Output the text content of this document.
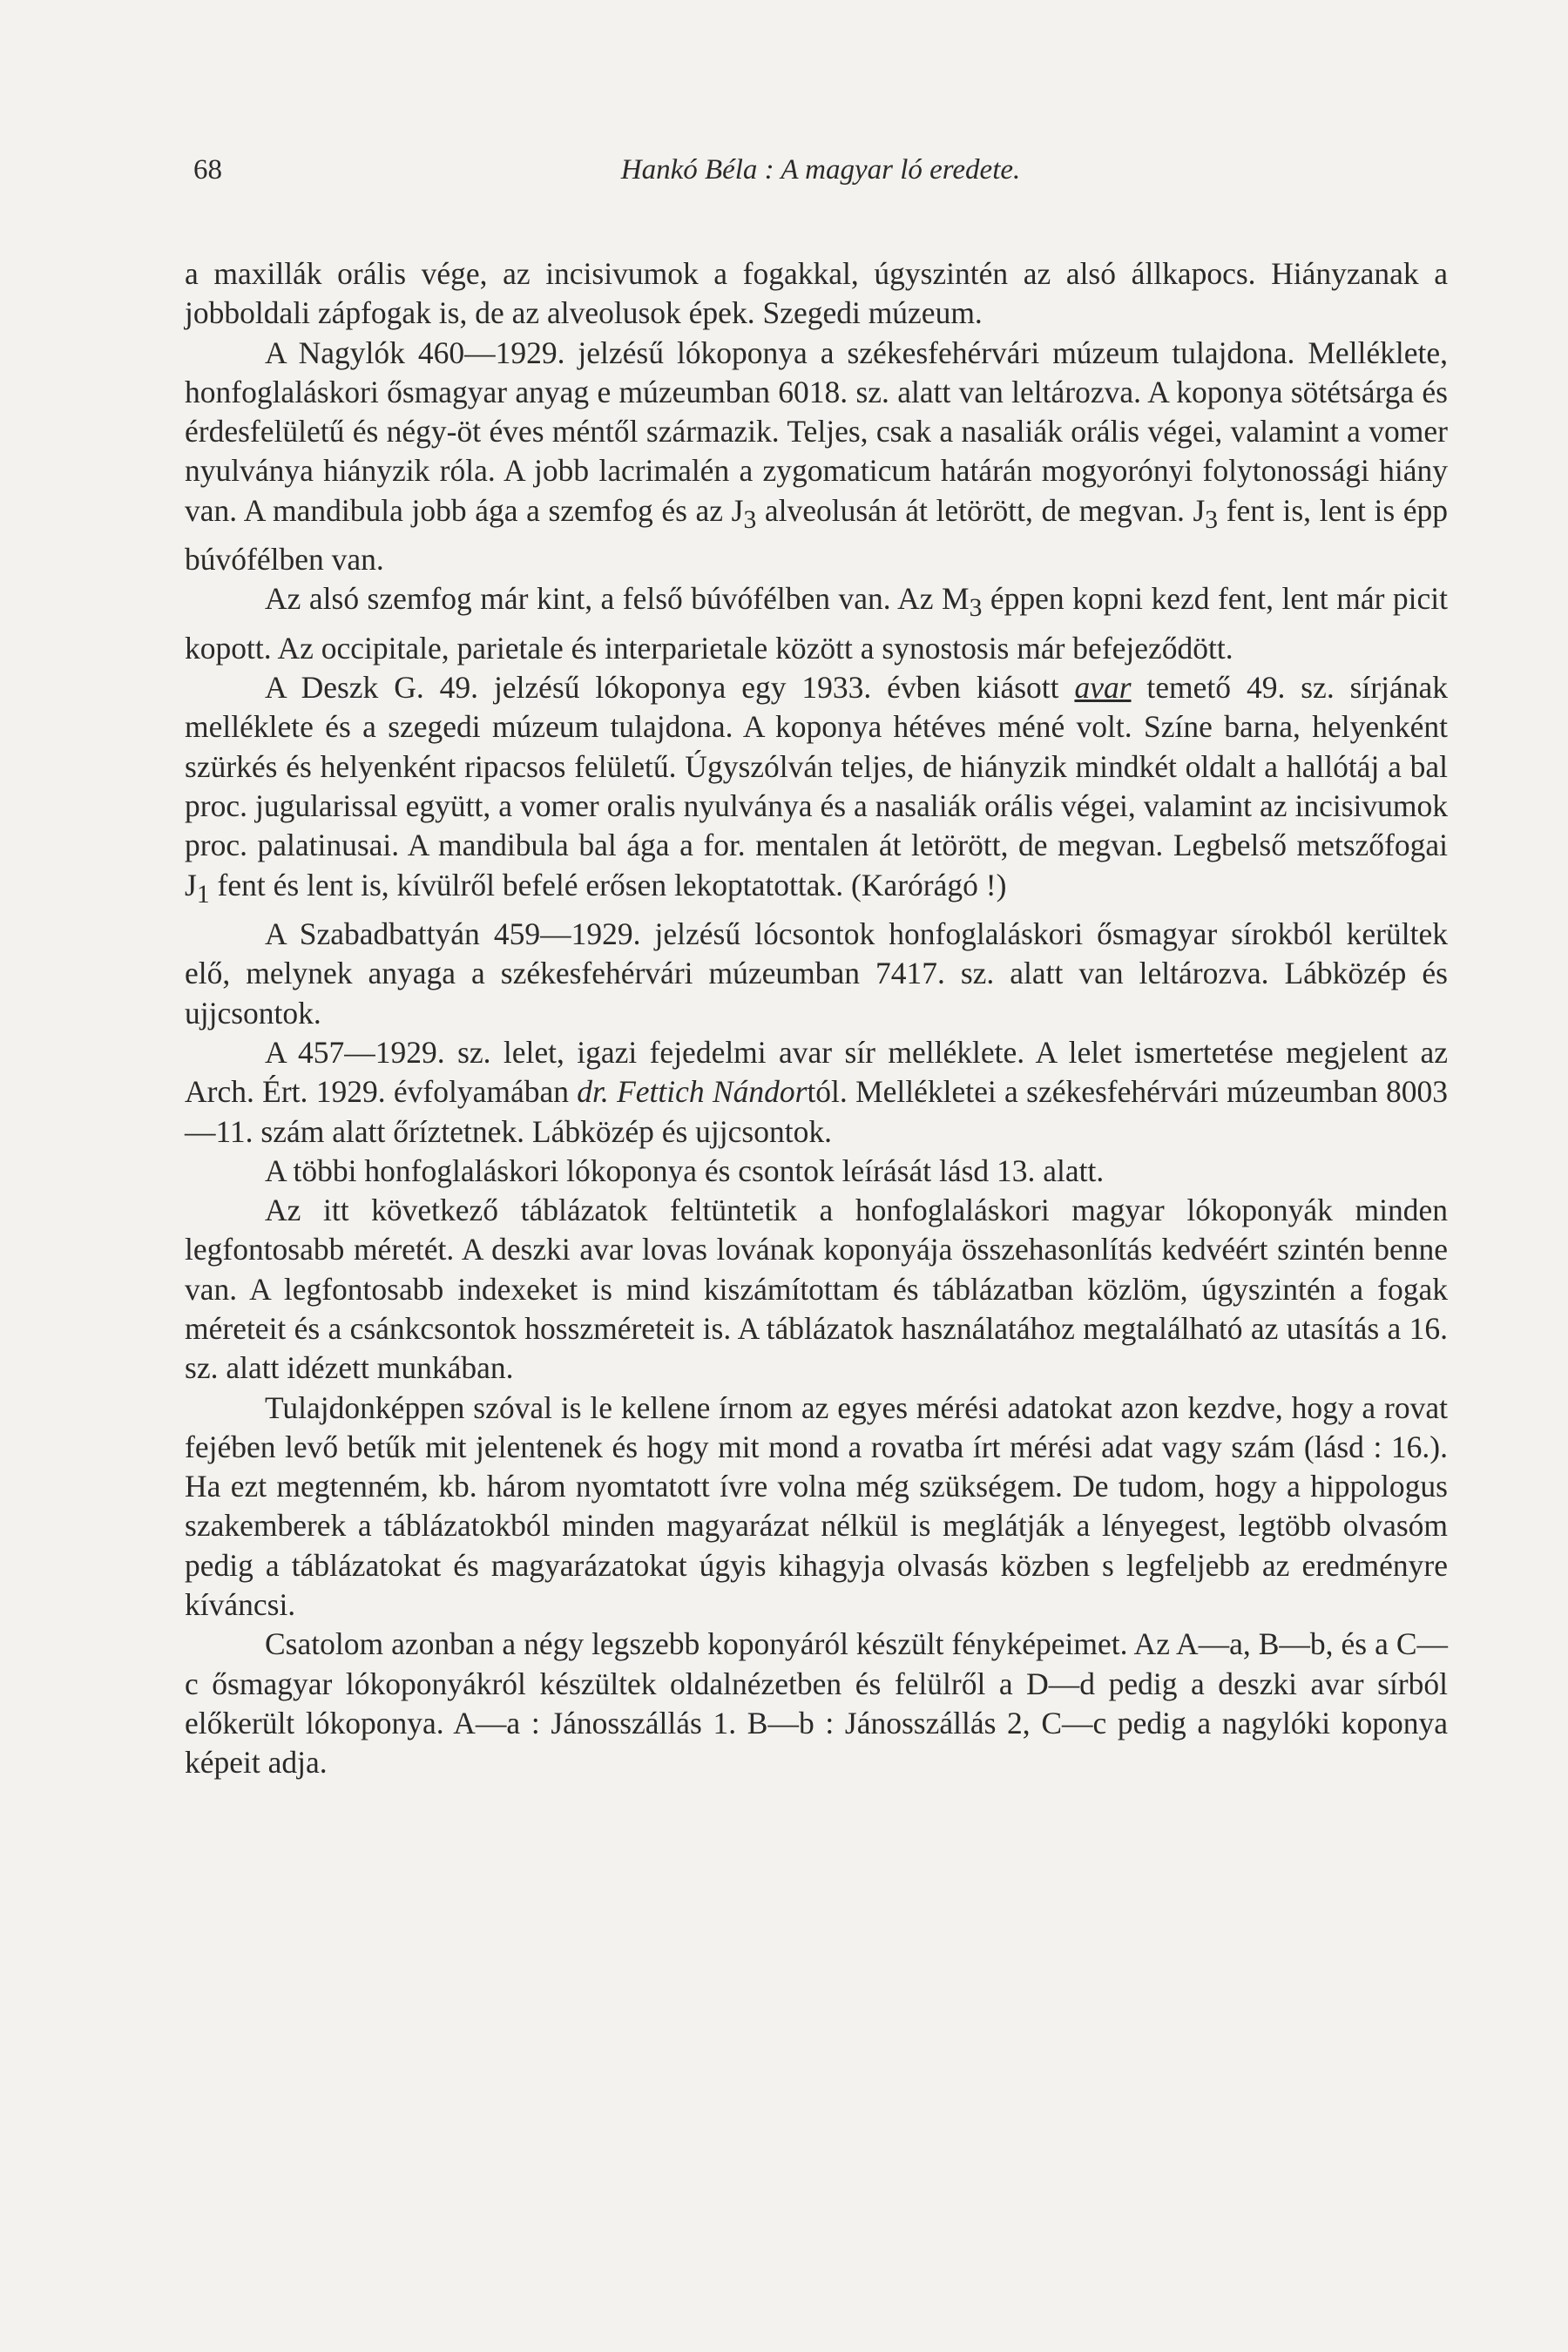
68	Hankó Béla : A magyar ló eredete.

a maxillák orális vége, az incisivumok a fogakkal, úgyszintén az alsó állkapocs. Hiányzanak a jobboldali zápfogak is, de az alveolusok épek. Szegedi múzeum.

A Nagylók 460—1929. jelzésű lókoponya a székesfehérvári múzeum tulajdona. Melléklete, honfoglaláskori ősmagyar anyag e múzeumban 6018. sz. alatt van leltározva. A koponya sötétsárga és érdesfelületű és négy-öt éves méntől származik. Teljes, csak a nasaliák orális végei, valamint a vomer nyulványa hiányzik róla. A jobb lacrimalén a zygomaticum határán mogyorónyi folytonossági hiány van. A mandibula jobb ága a szemfog és az $J_3$ alveolusán át letörött, de megvan. $J_3$ fent is, lent is épp búvófélben van.

Az alsó szemfog már kint, a felső búvófélben van. Az $M_3$ éppen kopni kezd fent, lent már picit kopott. Az occipitale, parietale és interparietale között a synostosis már befejeződött.

A Deszk G. 49. jelzésű lókoponya egy 1933. évben kiásott avar temető 49. sz. sírjának melléklete és a szegedi múzeum tulajdona. A koponya hétéves méné volt. Színe barna, helyenként szürkés és helyenként ripacsos felületű. Úgyszólván teljes, de hiányzik mindkét oldalt a hallótáj a bal proc. jugularissal együtt, a vomer oralis nyulványa és a nasaliák orális végei, valamint az incisivumok proc. palatinusai. A mandibula bal ága a for. mentalen át letörött, de megvan. Legbelső metszőfogai $J_1$ fent és lent is, kívülről befelé erősen lekoptatottak. (Karórágó !)

A Szabadbattyán 459—1929. jelzésű lócsontok honfoglaláskori ősmagyar sírokból kerültek elő, melynek anyaga a székesfehérvári múzeumban 7417. sz. alatt van leltározva. Lábközép és ujjcsontok.

A 457—1929. sz. lelet, igazi fejedelmi avar sír melléklete. A lelet ismertetése megjelent az Arch. Ért. 1929. évfolyamában dr. Fettich Nándortól. Mellékletei a székesfehérvári múzeumban 8003—11. szám alatt őríztetnek. Lábközép és ujjcsontok.

A többi honfoglaláskori lókoponya és csontok leírását lásd 13. alatt.

Az itt következő táblázatok feltüntetik a honfoglaláskori magyar lókoponyák minden legfontosabb méretét. A deszki avar lovas lovának koponyája összehasonlítás kedvéért szintén benne van. A legfontosabb indexeket is mind kiszámítottam és táblázatban közlöm, úgyszintén a fogak méreteit és a csánkcsontok hosszméreteit is. A táblázatok használatához megtalálható az utasítás a 16. sz. alatt idézett munkában.

Tulajdonképpen szóval is le kellene írnom az egyes mérési adatokat azon kezdve, hogy a rovat fejében levő betűk mit jelentenek és hogy mit mond a rovatba írt mérési adat vagy szám (lásd : 16.). Ha ezt megtenném, kb. három nyomtatott ívre volna még szükségem. De tudom, hogy a hippologus szakemberek a táblázatokból minden magyarázat nélkül is meglátják a lényegest, legtöbb olvasóm pedig a táblázatokat és magyarázatokat úgyis kihagyja olvasás közben s legfeljebb az eredményre kíváncsi.

Csatolom azonban a négy legszebb koponyáról készült fényképeimet. Az A—a, B—b, és a C—c ősmagyar lókoponyákról készültek oldalnézetben és felülről a D—d pedig a deszki avar sírból előkerült lókoponya. A—a : Jánosszállás 1. B—b : Jánosszállás 2, C—c pedig a nagylóki koponya képeit adja.
